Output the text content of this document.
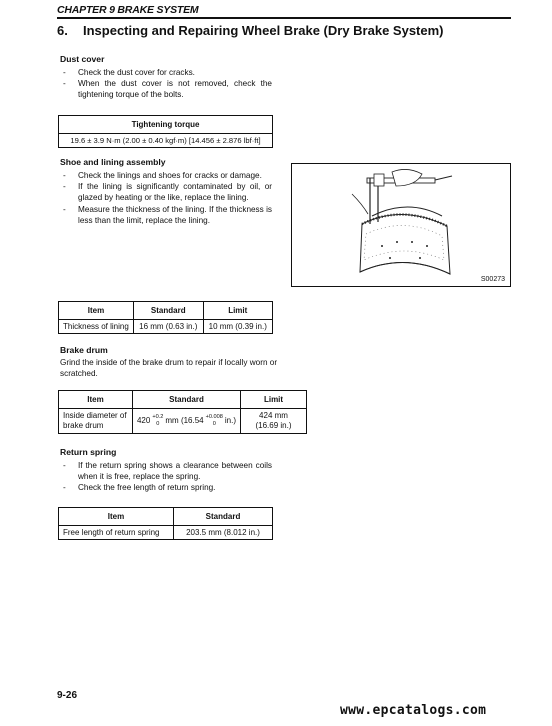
CHAPTER 9 BRAKE SYSTEM
6. Inspecting and Repairing Wheel Brake (Dry Brake System)
Dust cover
- Check the dust cover for cracks.
- When the dust cover is not removed, check the tightening torque of the bolts.
Tightening torque
19.6 ± 3.9 N·m (2.00 ± 0.40 kgf·m) [14.456 ± 2.876 lbf·ft]
Shoe and lining assembly
- Check the linings and shoes for cracks or damage.
- If the lining is significantly contaminated by oil, or glazed by heating or the like, replace the lining.
- Measure the thickness of the lining. If the thickness is less than the limit, replace the lining.
S00273
Item	Standard	Limit
Thickness of lining	16 mm (0.63 in.)	10 mm (0.39 in.)
Brake drum
Grind the inside of the brake drum to repair if locally worn or scratched.
Item	Standard	Limit
Inside diameter of brake drum	420 +0.2
0 mm (16.54 +0.008
0 in.)	424 mm
(16.69 in.)
Return spring
- If the return spring shows a clearance between coils when it is free, replace the spring.
- Check the free length of return spring.
Item	Standard
Free length of return spring	203.5 mm (8.012 in.)
9-26
www.epcatalogs.com
